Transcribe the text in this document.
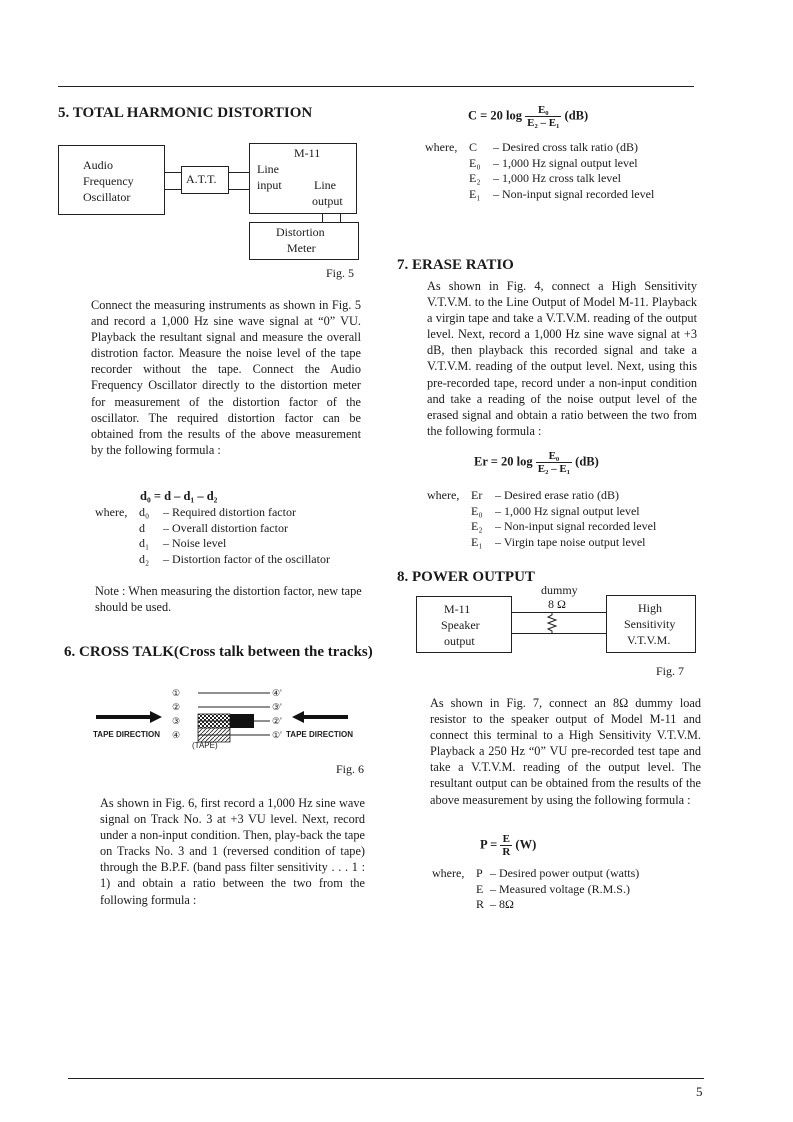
5. TOTAL HARMONIC DISTORTION
Audio
Frequency
Oscillator
A.T.T.
M-11
Line
input	Line
output
Distortion
Meter
Fig. 5
Connect the measuring instruments as shown in Fig. 5 and record a 1,000 Hz sine wave signal at “0” VU. Playback the resultant signal and measure the overall distrotion factor. Measure the noise level of the tape recorder without the tape. Connect the Audio Frequency Oscillator directly to the distortion meter for measurement of the distortion factor of the oscillator. The required distortion factor can be obtained from the results of the above measurement by the following formula :
d₀ = d – d₁ – d₂
where, d₀	– Required distortion factor
d	– Overall distortion factor
d₁	– Noise level
d₂	– Distortion factor of the oscillator
Note : When measuring the distortion factor, new tape should be used.
6. CROSS TALK(Cross talk between the tracks)
①
②
③
④
④'
③'
②'
①'
TAPE DIRECTION	TAPE DIRECTION
(TAPE)
Fig. 6
As shown in Fig. 6, first record a 1,000 Hz sine wave signal on Track No. 3 at +3 VU level. Next, record under a non-input condition. Then, play-back the tape on Tracks No. 3 and 1 (reversed condition of tape) through the B.P.F. (band pass filter sensitivity . . . 1 : 1) and obtain a ratio between the two from the following formula :
C = 20 $\log \frac{\text{E₀}}{\text{E₂ – E₁}} (dB)$
where, C	– Desired cross talk ratio (dB)
E₀	– 1,000 Hz signal output level
E₂	– 1,000 Hz cross talk level
E₁	– Non-input signal recorded level
7. ERASE RATIO
As shown in Fig. 4, connect a High Sensitivity V.T.V.M. to the Line Output of Model M-11. Playback a virgin tape and take a V.T.V.M. reading of the output level. Next, record a 1,000 Hz sine wave signal at +3 dB, then playback this recorded signal and take a V.T.V.M. reading of the output level. Next, using this pre-recorded tape, record under a non-input condition and take a reading of the noise output level of the erased signal and obtain a ratio between the two from the following formula :
Er = 20 $\log \frac{\text{E₀}}{\text{E₂ – E₁}} (dB)$
where, Er	– Desired erase ratio (dB)
E₀	– 1,000 Hz signal output level
E₂	– Non-input signal recorded level
E₁	– Virgin tape noise output level
8. POWER OUTPUT
dummy
8 Ω
M-11
Speaker
output
High
Sensitivity
V.T.V.M.
Fig. 7
As shown in Fig. 7, connect an 8Ω dummy load resistor to the speaker output of Model M-11 and connect this terminal to a High Sensitivity V.T.V.M. Playback a 250 Hz “0” VU pre-recorded test tape and take a V.T.V.M. reading of the output level. The resultant output can be obtained from the results of the above measurement by using the following formula :
$P = \frac{E}{R} (W)$
where, P – Desired power output (watts)
E – Measured voltage (R.M.S.)
R – 8Ω
5
